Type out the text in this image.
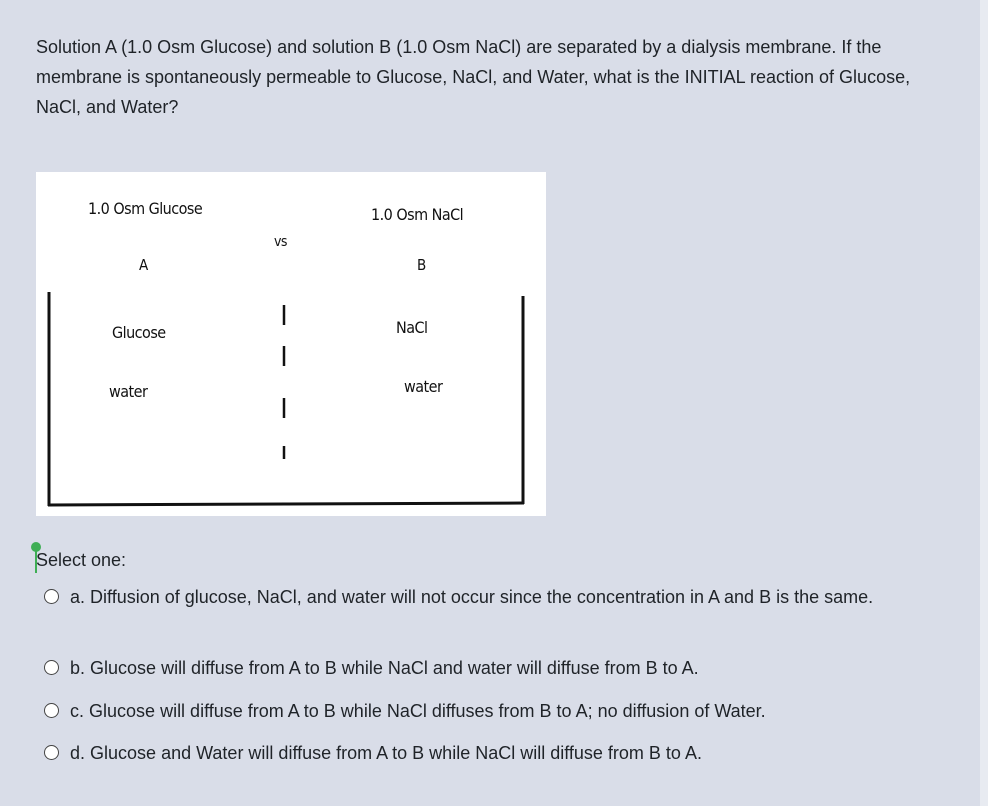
Solution A (1.0 Osm Glucose) and solution B (1.0 Osm NaCl) are separated by a dialysis membrane. If the membrane is spontaneously permeable to Glucose, NaCl, and Water, what is the INITIAL reaction of Glucose, NaCl, and Water?

1.0 Osm Glucose	1.0 Osm NaCl
vs
A	B
Glucose	NaCl
water	water
Select one:
a. Diffusion of glucose, NaCl, and water will not occur since the concentration in A and B is the same.
b. Glucose will diffuse from A to B while NaCl and water will diffuse from B to A.
c. Glucose will diffuse from A to B while NaCl diffuses from B to A; no diffusion of Water.
d. Glucose and Water will diffuse from A to B while NaCl will diffuse from B to A.
